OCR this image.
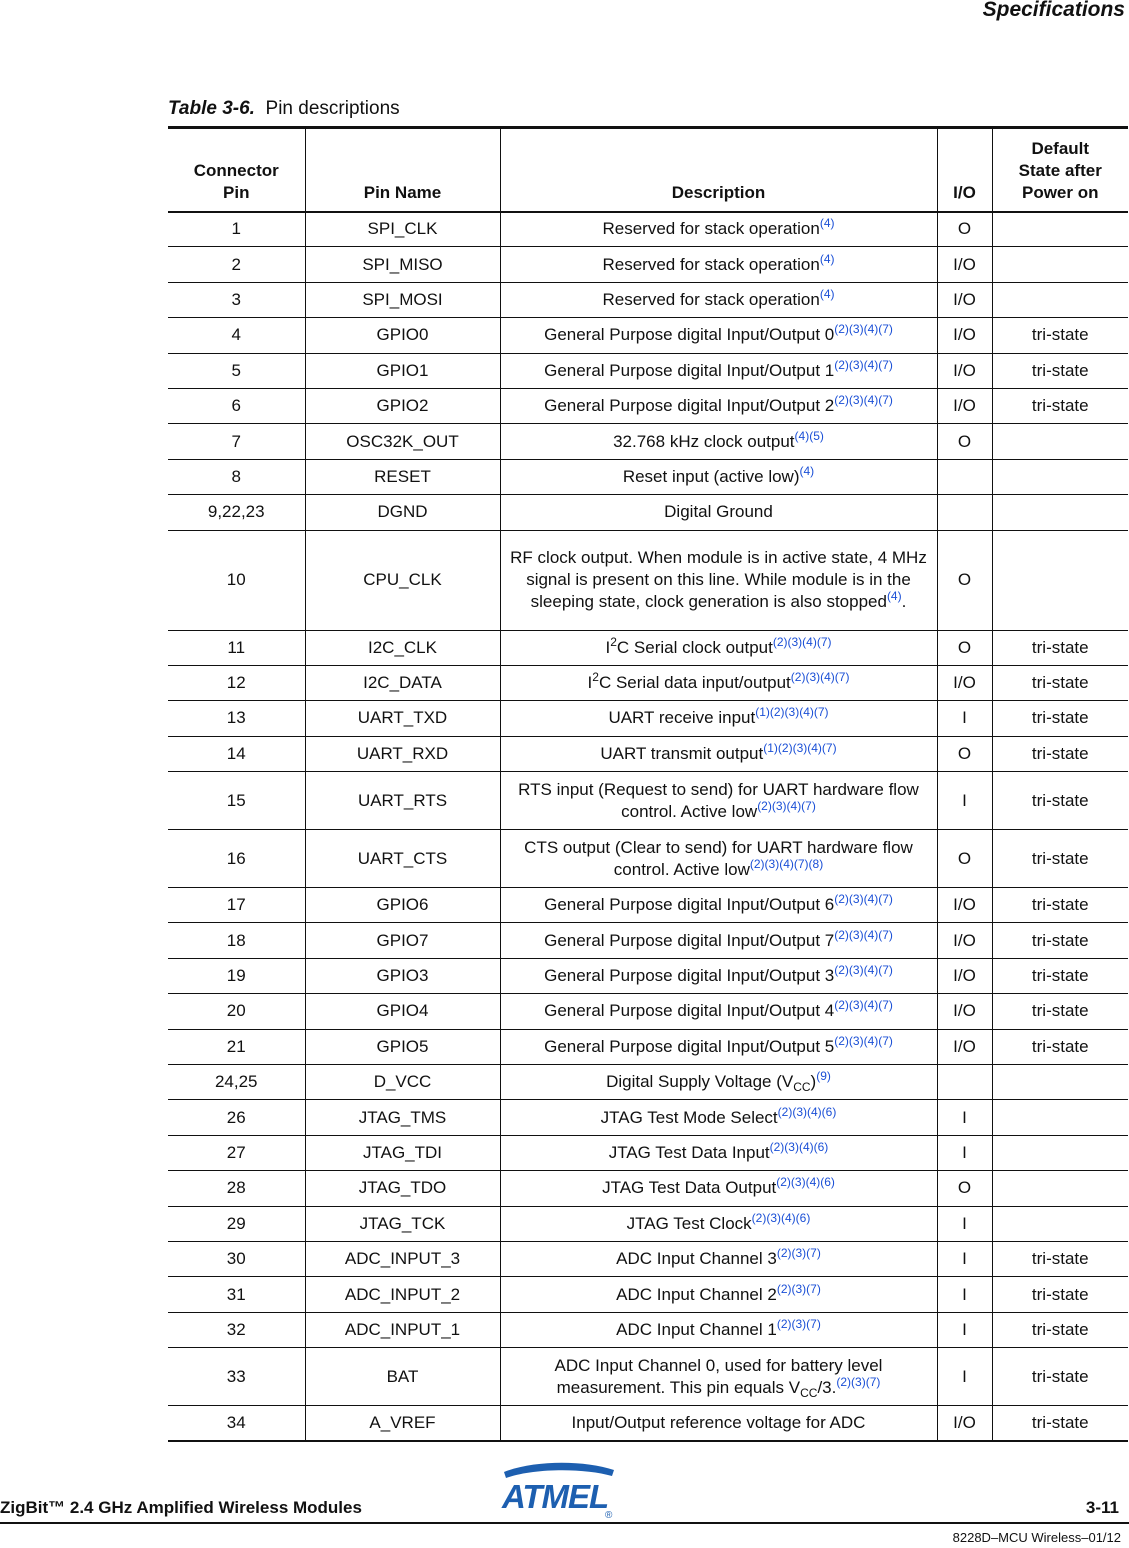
Specifications
Table 3-6. Pin descriptions
Connector
Pin	Pin Name	Description	I/O	Default
State after
Power on
1	SPI_CLK	Reserved for stack operation$^{(4)}$	O	
2	SPI_MISO	Reserved for stack operation$^{(4)}$	I/O	
3	SPI_MOSI	Reserved for stack operation$^{(4)}$	I/O	
4	GPIO0	General Purpose digital Input/Output 0$^{(2)(3)(4)(7)}$	I/O	tri-state
5	GPIO1	General Purpose digital Input/Output 1$^{(2)(3)(4)(7)}$	I/O	tri-state
6	GPIO2	General Purpose digital Input/Output 2$^{(2)(3)(4)(7)}$	I/O	tri-state
7	OSC32K_OUT	32.768 kHz clock output$^{(4)(5)}$	O	
8	RESET	Reset input (active low)$^{(4)}$		
9,22,23	DGND	Digital Ground		
10	CPU_CLK	RF clock output. When module is in active state, 4 MHz signal is present on this line. While module is in the sleeping state, clock generation is also stopped$^{(4)}$.	O	
11	I2C_CLK	$I^2C$ Serial clock output$^{(2)(3)(4)(7)}$	O	tri-state
12	I2C_DATA	$I^2C$ Serial data input/output$^{(2)(3)(4)(7)}$	I/O	tri-state
13	UART_TXD	UART receive input$^{(1)(2)(3)(4)(7)}$	I	tri-state
14	UART_RXD	UART transmit output$^{(1)(2)(3)(4)(7)}$	O	tri-state
15	UART_RTS	RTS input (Request to send) for UART hardware flow control. Active low$^{(2)(3)(4)(7)}$	I	tri-state
16	UART_CTS	CTS output (Clear to send) for UART hardware flow control. Active low$^{(2)(3)(4)(7)(8)}$	O	tri-state
17	GPIO6	General Purpose digital Input/Output 6$^{(2)(3)(4)(7)}$	I/O	tri-state
18	GPIO7	General Purpose digital Input/Output 7$^{(2)(3)(4)(7)}$	I/O	tri-state
19	GPIO3	General Purpose digital Input/Output 3$^{(2)(3)(4)(7)}$	I/O	tri-state
20	GPIO4	General Purpose digital Input/Output 4$^{(2)(3)(4)(7)}$	I/O	tri-state
21	GPIO5	General Purpose digital Input/Output 5$^{(2)(3)(4)(7)}$	I/O	tri-state
24,25	D_VCC	Digital Supply Voltage $(V_{CC})^{(9)}$		
26	JTAG_TMS	JTAG Test Mode Select$^{(2)(3)(4)(6)}$	I	
27	JTAG_TDI	JTAG Test Data Input$^{(2)(3)(4)(6)}$	I	
28	JTAG_TDO	JTAG Test Data Output$^{(2)(3)(4)(6)}$	O	
29	JTAG_TCK	JTAG Test Clock$^{(2)(3)(4)(6)}$	I	
30	ADC_INPUT_3	ADC Input Channel 3$^{(2)(3)(7)}$	I	tri-state
31	ADC_INPUT_2	ADC Input Channel 2$^{(2)(3)(7)}$	I	tri-state
32	ADC_INPUT_1	ADC Input Channel 1$^{(2)(3)(7)}$	I	tri-state
33	BAT	ADC Input Channel 0, used for battery level measurement. This pin equals $V_{CC}/3.^{(2)(3)(7)}$	I	tri-state
34	A_VREF	Input/Output reference voltage for ADC	I/O	tri-state
ATMEL
®
ZigBit™ 2.4 GHz Amplified Wireless Modules	3-11
8228D–MCU Wireless–01/12
